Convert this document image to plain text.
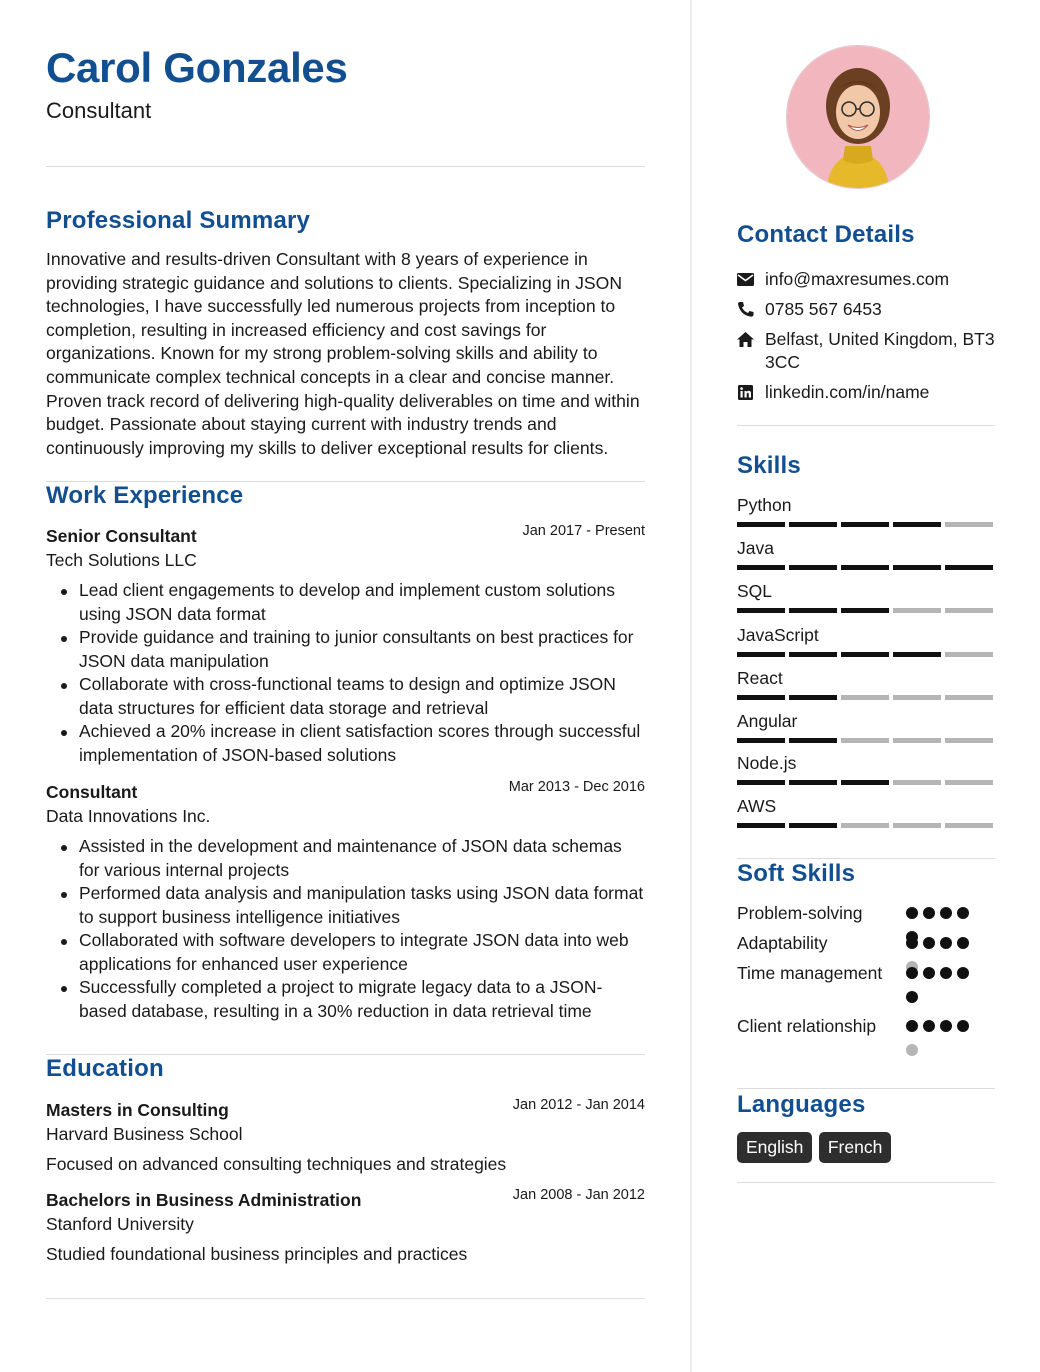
Carol Gonzales
Consultant
Professional Summary
Innovative and results-driven Consultant with 8 years of experience in providing strategic guidance and solutions to clients. Specializing in JSON technologies, I have successfully led numerous projects from inception to completion, resulting in increased efficiency and cost savings for organizations. Known for my strong problem-solving skills and ability to communicate complex technical concepts in a clear and concise manner. Proven track record of delivering high-quality deliverables on time and within budget. Passionate about staying current with industry trends and continuously improving my skills to deliver exceptional results for clients.
Work Experience
Senior Consultant	Jan 2017 - Present
Tech Solutions LLC
Lead client engagements to develop and implement custom solutions using JSON data format
Provide guidance and training to junior consultants on best practices for JSON data manipulation
Collaborate with cross-functional teams to design and optimize JSON data structures for efficient data storage and retrieval
Achieved a 20% increase in client satisfaction scores through successful implementation of JSON-based solutions
Consultant	Mar 2013 - Dec 2016
Data Innovations Inc.
Assisted in the development and maintenance of JSON data schemas for various internal projects
Performed data analysis and manipulation tasks using JSON data format to support business intelligence initiatives
Collaborated with software developers to integrate JSON data into web applications for enhanced user experience
Successfully completed a project to migrate legacy data to a JSON-based database, resulting in a 30% reduction in data retrieval time
Education
Masters in Consulting	Jan 2012 - Jan 2014
Harvard Business School
Focused on advanced consulting techniques and strategies
Bachelors in Business Administration	Jan 2008 - Jan 2012
Stanford University
Studied foundational business principles and practices
Contact Details
info@maxresumes.com
0785 567 6453
Belfast, United Kingdom, BT3 3CC
linkedin.com/in/name
Skills
Python
Java
SQL
JavaScript
React
Angular
Node.js
AWS
Soft Skills
Problem-solving
Adaptability
Time management
Client relationship
Languages
English French
